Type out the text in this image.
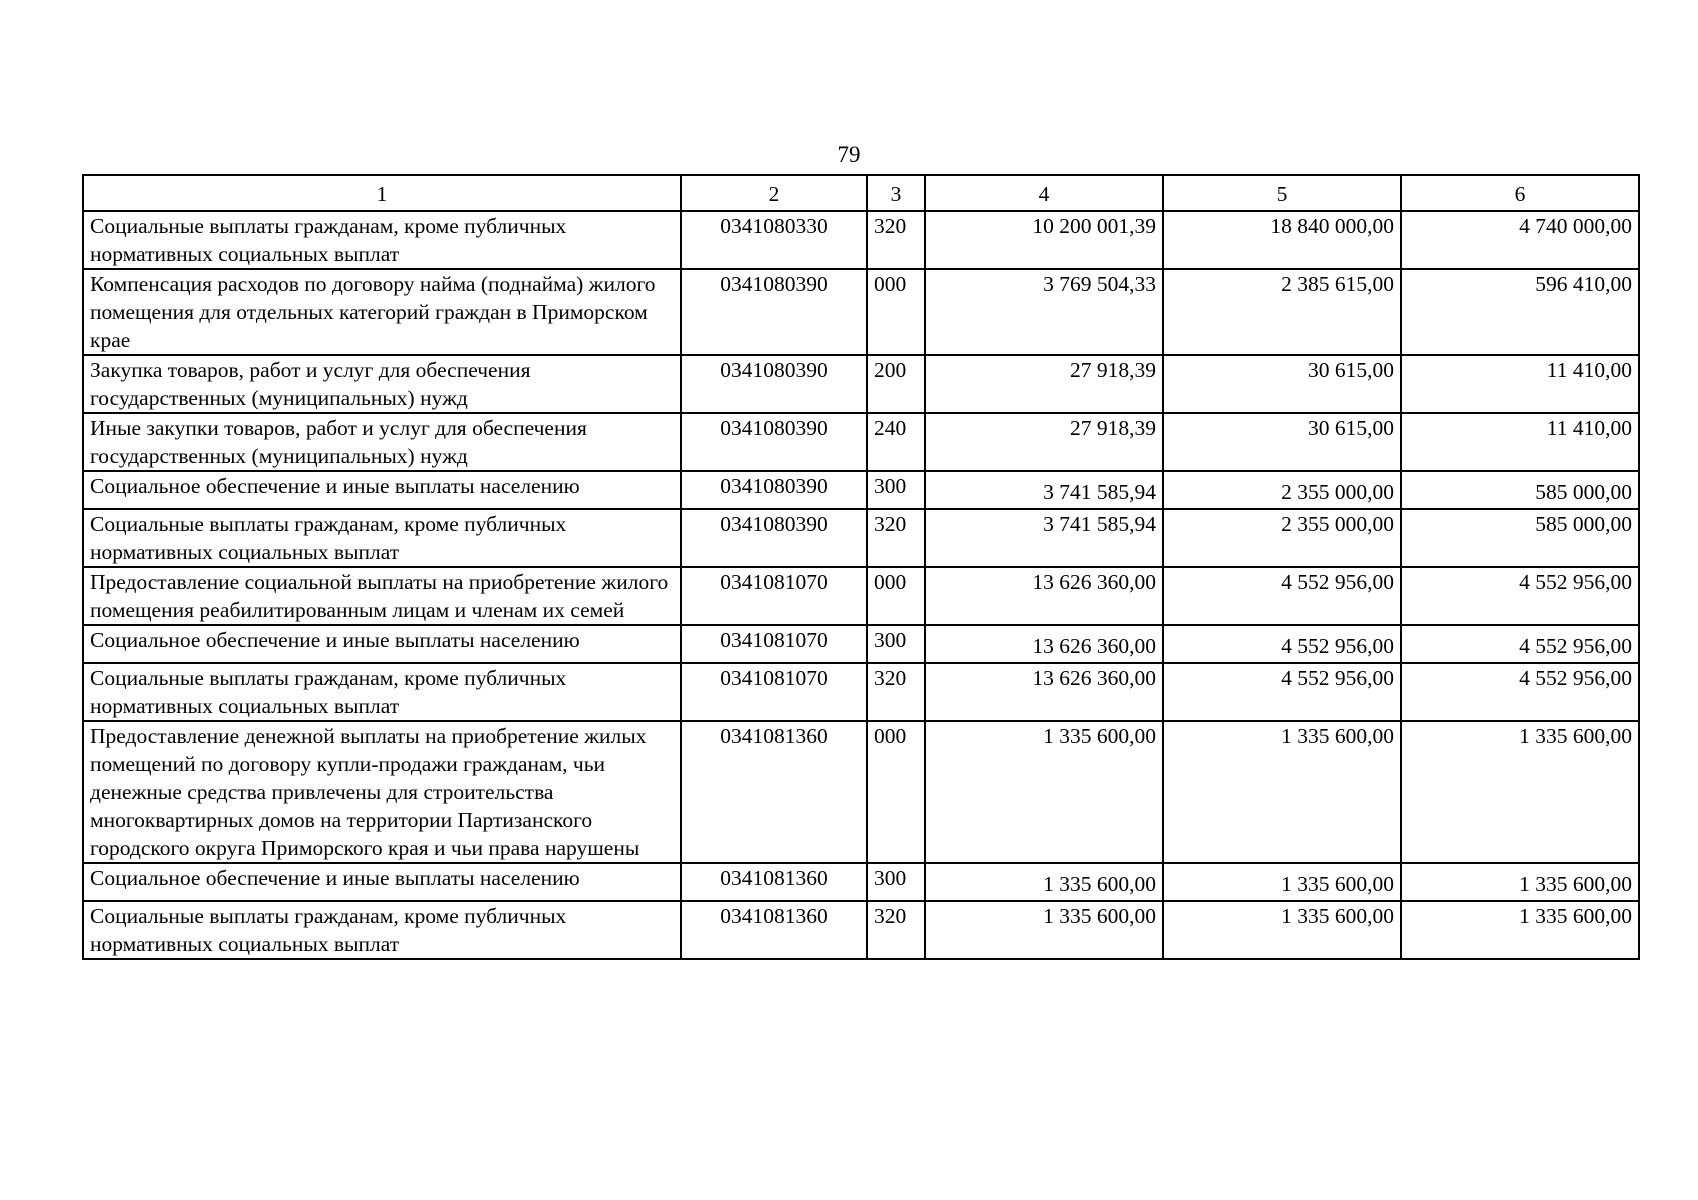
79
1	2	3	4	5	6
Социальные выплаты гражданам, кроме публичных нормативных социальных выплат	0341080330	320	10 200 001,39	18 840 000,00	4 740 000,00
Компенсация расходов по договору найма (поднайма) жилого помещения для отдельных категорий граждан в Приморском крае	0341080390	000	3 769 504,33	2 385 615,00	596 410,00
Закупка товаров, работ и услуг для обеспечения государственных (муниципальных) нужд	0341080390	200	27 918,39	30 615,00	11 410,00
Иные закупки товаров, работ и услуг для обеспечения государственных (муниципальных) нужд	0341080390	240	27 918,39	30 615,00	11 410,00
Социальное обеспечение и иные выплаты населению	0341080390	300	3 741 585,94	2 355 000,00	585 000,00
Социальные выплаты гражданам, кроме публичных нормативных социальных выплат	0341080390	320	3 741 585,94	2 355 000,00	585 000,00
Предоставление социальной выплаты на приобретение жилого помещения реабилитированным лицам и членам их семей	0341081070	000	13 626 360,00	4 552 956,00	4 552 956,00
Социальное обеспечение и иные выплаты населению	0341081070	300	13 626 360,00	4 552 956,00	4 552 956,00
Социальные выплаты гражданам, кроме публичных нормативных социальных выплат	0341081070	320	13 626 360,00	4 552 956,00	4 552 956,00
Предоставление денежной выплаты на приобретение жилых помещений по договору купли-продажи гражданам, чьи денежные средства привлечены для строительства многоквартирных домов на территории Партизанского городского округа Приморского края и чьи права нарушены	0341081360	000	1 335 600,00	1 335 600,00	1 335 600,00
Социальное обеспечение и иные выплаты населению	0341081360	300	1 335 600,00	1 335 600,00	1 335 600,00
Социальные выплаты гражданам, кроме публичных нормативных социальных выплат	0341081360	320	1 335 600,00	1 335 600,00	1 335 600,00
